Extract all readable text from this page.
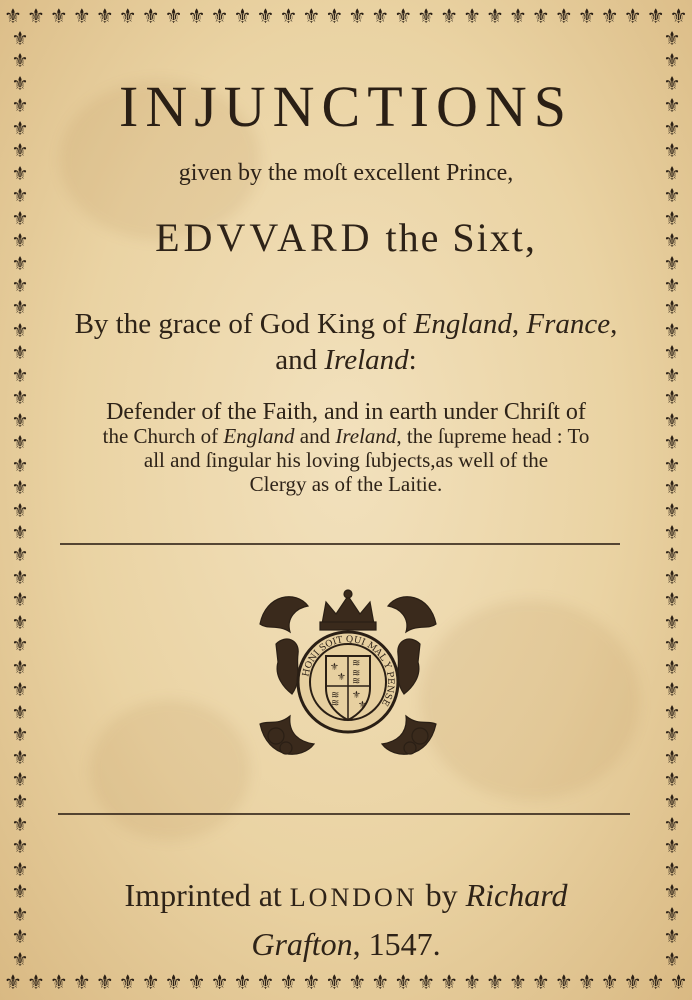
⚜ ⚜ ⚜ ⚜ ⚜ ⚜ ⚜ ⚜ ⚜ ⚜ ⚜ ⚜ ⚜ ⚜ ⚜ ⚜ ⚜ ⚜ ⚜ ⚜ ⚜ ⚜ ⚜ ⚜ ⚜ ⚜ ⚜ ⚜ ⚜ ⚜
⚜ ⚜ ⚜ ⚜ ⚜ ⚜ ⚜ ⚜ ⚜ ⚜ ⚜ ⚜ ⚜ ⚜ ⚜ ⚜ ⚜ ⚜ ⚜ ⚜ ⚜ ⚜ ⚜ ⚜ ⚜ ⚜ ⚜ ⚜ ⚜ ⚜
⚜
⚜
⚜
⚜
⚜
⚜
⚜
⚜
⚜
⚜
⚜
⚜
⚜
⚜
⚜
⚜
⚜
⚜
⚜
⚜
⚜
⚜
⚜
⚜
⚜
⚜
⚜
⚜
⚜
⚜
⚜
⚜
⚜
⚜
⚜
⚜
⚜
⚜
⚜
⚜
⚜
⚜
⚜
⚜
⚜
⚜
⚜
⚜
⚜
⚜
⚜
⚜
⚜
⚜
⚜
⚜
⚜
⚜
⚜
⚜
⚜
⚜
⚜
⚜
⚜
⚜
⚜
⚜
⚜
⚜
⚜
⚜
⚜
⚜
⚜
⚜
⚜
⚜
⚜
⚜
⚜
⚜
⚜
⚜
INJUNCTIONS
given by the moſt excellent Prince,
EDVVARD the Sixt,
By the grace of God King of England, France,
and Ireland:
Defender of the Faith, and in earth under Chriſt of
the Church of England and Ireland, the ſupreme head : To
all and ſingular his loving ſubjects,as well of the
Clergy as of the Laitie.
HONI SOIT QUI MAL Y PENSE
⚜
⚜
≋
≋
≋
≋
≋
⚜
⚜
Imprinted at LONDON by Richard
Grafton, 1547.
